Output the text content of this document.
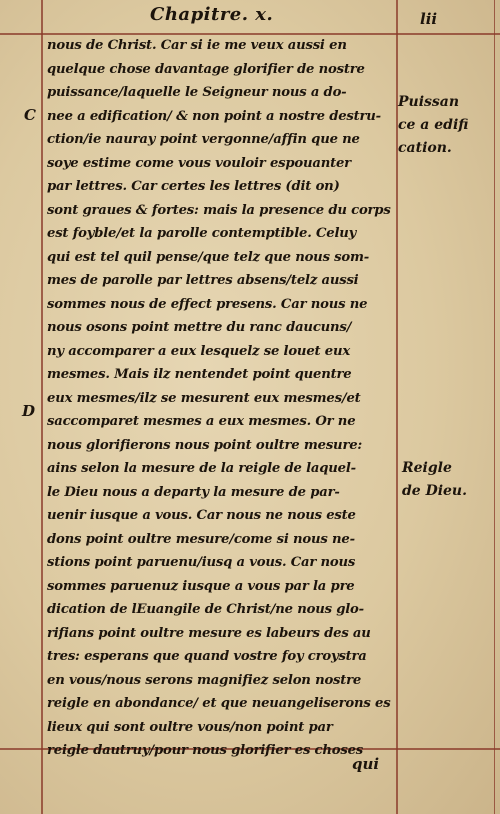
Chapitre. x.	lii
C
D
Puissan
ce a edifi
cation.
Reigle
de Dieu.
nous de Christ. Car si ie me veux aussi en
quelque chose davantage glorifier de nostre
puissance/laquelle le Seigneur nous a do-
nee a edification/ & non point a nostre destru-
ction/ie nauray point vergonne/affin que ne
soye estime come vous vouloir espouanter
par lettres. Car certes les lettres (dit on)
sont graues & fortes: mais la presence du corps
est foyble/et la parolle contemptible. Celuy
qui est tel quil pense/que telz que nous som-
mes de parolle par lettres absens/telz aussi
sommes nous de effect presens. Car nous ne
nous osons point mettre du ranc daucuns/
ny accomparer a eux lesquelz se louet eux
mesmes. Mais ilz nentendet point quentre
eux mesmes/ilz se mesurent eux mesmes/et
saccomparet mesmes a eux mesmes. Or ne
nous glorifierons nous point oultre mesure:
ains selon la mesure de la reigle de laquel-
le Dieu nous a departy la mesure de par-
uenir iusque a vous. Car nous ne nous este
dons point oultre mesure/come si nous ne-
stions point paruenu/iusq a vous. Car nous
sommes paruenuz iusque a vous par la pre
dication de lEuangile de Christ/ne nous glo-
rifians point oultre mesure es labeurs des au
tres: esperans que quand vostre foy croystra
en vous/nous serons magnifiez selon nostre
reigle en abondance/ et que neuangeliserons es
lieux qui sont oultre vous/non point par
reigle dautruy/pour nous glorifier es choses
qui
